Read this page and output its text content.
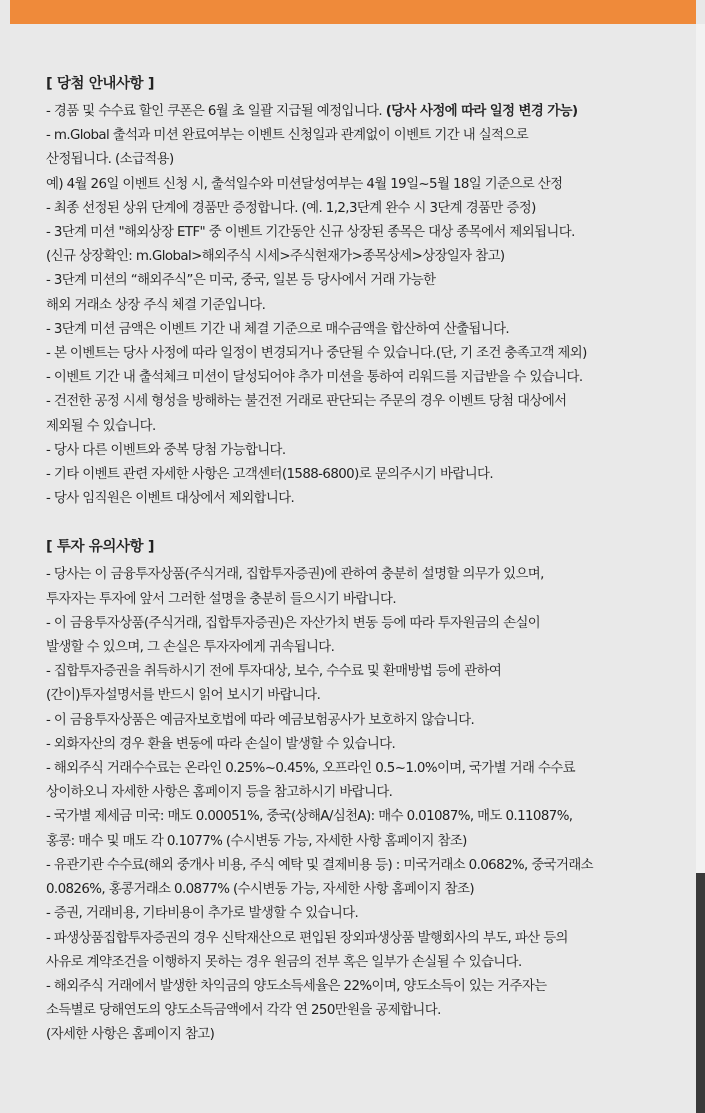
[ 당첨 안내사항 ]
- 경품 및 수수료 할인 쿠폰은 6월 초 일괄 지급될 예정입니다. (당사 사정에 따라 일정 변경 가능)
- m.Global 출석과 미션 완료여부는 이벤트 신청일과 관계없이 이벤트 기간 내 실적으로
산정됩니다. (소급적용)
예) 4월 26일 이벤트 신청 시, 출석일수와 미션달성여부는 4월 19일~5월 18일 기준으로 산정
- 최종 선정된 상위 단계에 경품만 증정합니다. (예. 1,2,3단계 완수 시 3단계 경품만 증정)
- 3단계 미션 "해외상장 ETF" 중 이벤트 기간동안 신규 상장된 종목은 대상 종목에서 제외됩니다.
(신규 상장확인: m.Global>해외주식 시세>주식현재가>종목상세>상장일자 참고)
- 3단계 미션의 “해외주식”은 미국, 중국, 일본 등 당사에서 거래 가능한
해외 거래소 상장 주식 체결 기준입니다.
- 3단계 미션 금액은 이벤트 기간 내 체결 기준으로 매수금액을 합산하여 산출됩니다.
- 본 이벤트는 당사 사정에 따라 일정이 변경되거나 중단될 수 있습니다.(단, 기 조건 충족고객 제외)
- 이벤트 기간 내 출석체크 미션이 달성되어야 추가 미션을 통하여 리워드를 지급받을 수 있습니다.
- 건전한 공정 시세 형성을 방해하는 불건전 거래로 판단되는 주문의 경우 이벤트 당첨 대상에서
제외될 수 있습니다.
- 당사 다른 이벤트와 중복 당첨 가능합니다.
- 기타 이벤트 관련 자세한 사항은 고객센터(1588-6800)로 문의주시기 바랍니다.
- 당사 임직원은 이벤트 대상에서 제외합니다.
[ 투자 유의사항 ]
- 당사는 이 금융투자상품(주식거래, 집합투자증권)에 관하여 충분히 설명할 의무가 있으며,
투자자는 투자에 앞서 그러한 설명을 충분히 들으시기 바랍니다.
- 이 금융투자상품(주식거래, 집합투자증권)은 자산가치 변동 등에 따라 투자원금의 손실이
발생할 수 있으며, 그 손실은 투자자에게 귀속됩니다.
- 집합투자증권을 취득하시기 전에 투자대상, 보수, 수수료 및 환매방법 등에 관하여
(간이)투자설명서를 반드시 읽어 보시기 바랍니다.
- 이 금융투자상품은 예금자보호법에 따라 예금보험공사가 보호하지 않습니다.
- 외화자산의 경우 환율 변동에 따라 손실이 발생할 수 있습니다.
- 해외주식 거래수수료는 온라인 0.25%~0.45%, 오프라인 0.5~1.0%이며, 국가별 거래 수수료
상이하오니 자세한 사항은 홈페이지 등을 참고하시기 바랍니다.
- 국가별 제세금 미국: 매도 0.00051%, 중국(상해A/심천A): 매수 0.01087%, 매도 0.11087%,
홍콩: 매수 및 매도 각 0.1077% (수시변동 가능, 자세한 사항 홈페이지 참조)
- 유관기관 수수료(해외 중개사 비용, 주식 예탁 및 결제비용 등) : 미국거래소 0.0682%, 중국거래소
0.0826%, 홍콩거래소 0.0877% (수시변동 가능, 자세한 사항 홈페이지 참조)
- 증권, 거래비용, 기타비용이 추가로 발생할 수 있습니다.
- 파생상품집합투자증권의 경우 신탁재산으로 편입된 장외파생상품 발행회사의 부도, 파산 등의
사유로 계약조건을 이행하지 못하는 경우 원금의 전부 혹은 일부가 손실될 수 있습니다.
- 해외주식 거래에서 발생한 차익금의 양도소득세율은 22%이며, 양도소득이 있는 거주자는
소득별로 당해연도의 양도소득금액에서 각각 연 250만원을 공제합니다.
(자세한 사항은 홈페이지 참고)
